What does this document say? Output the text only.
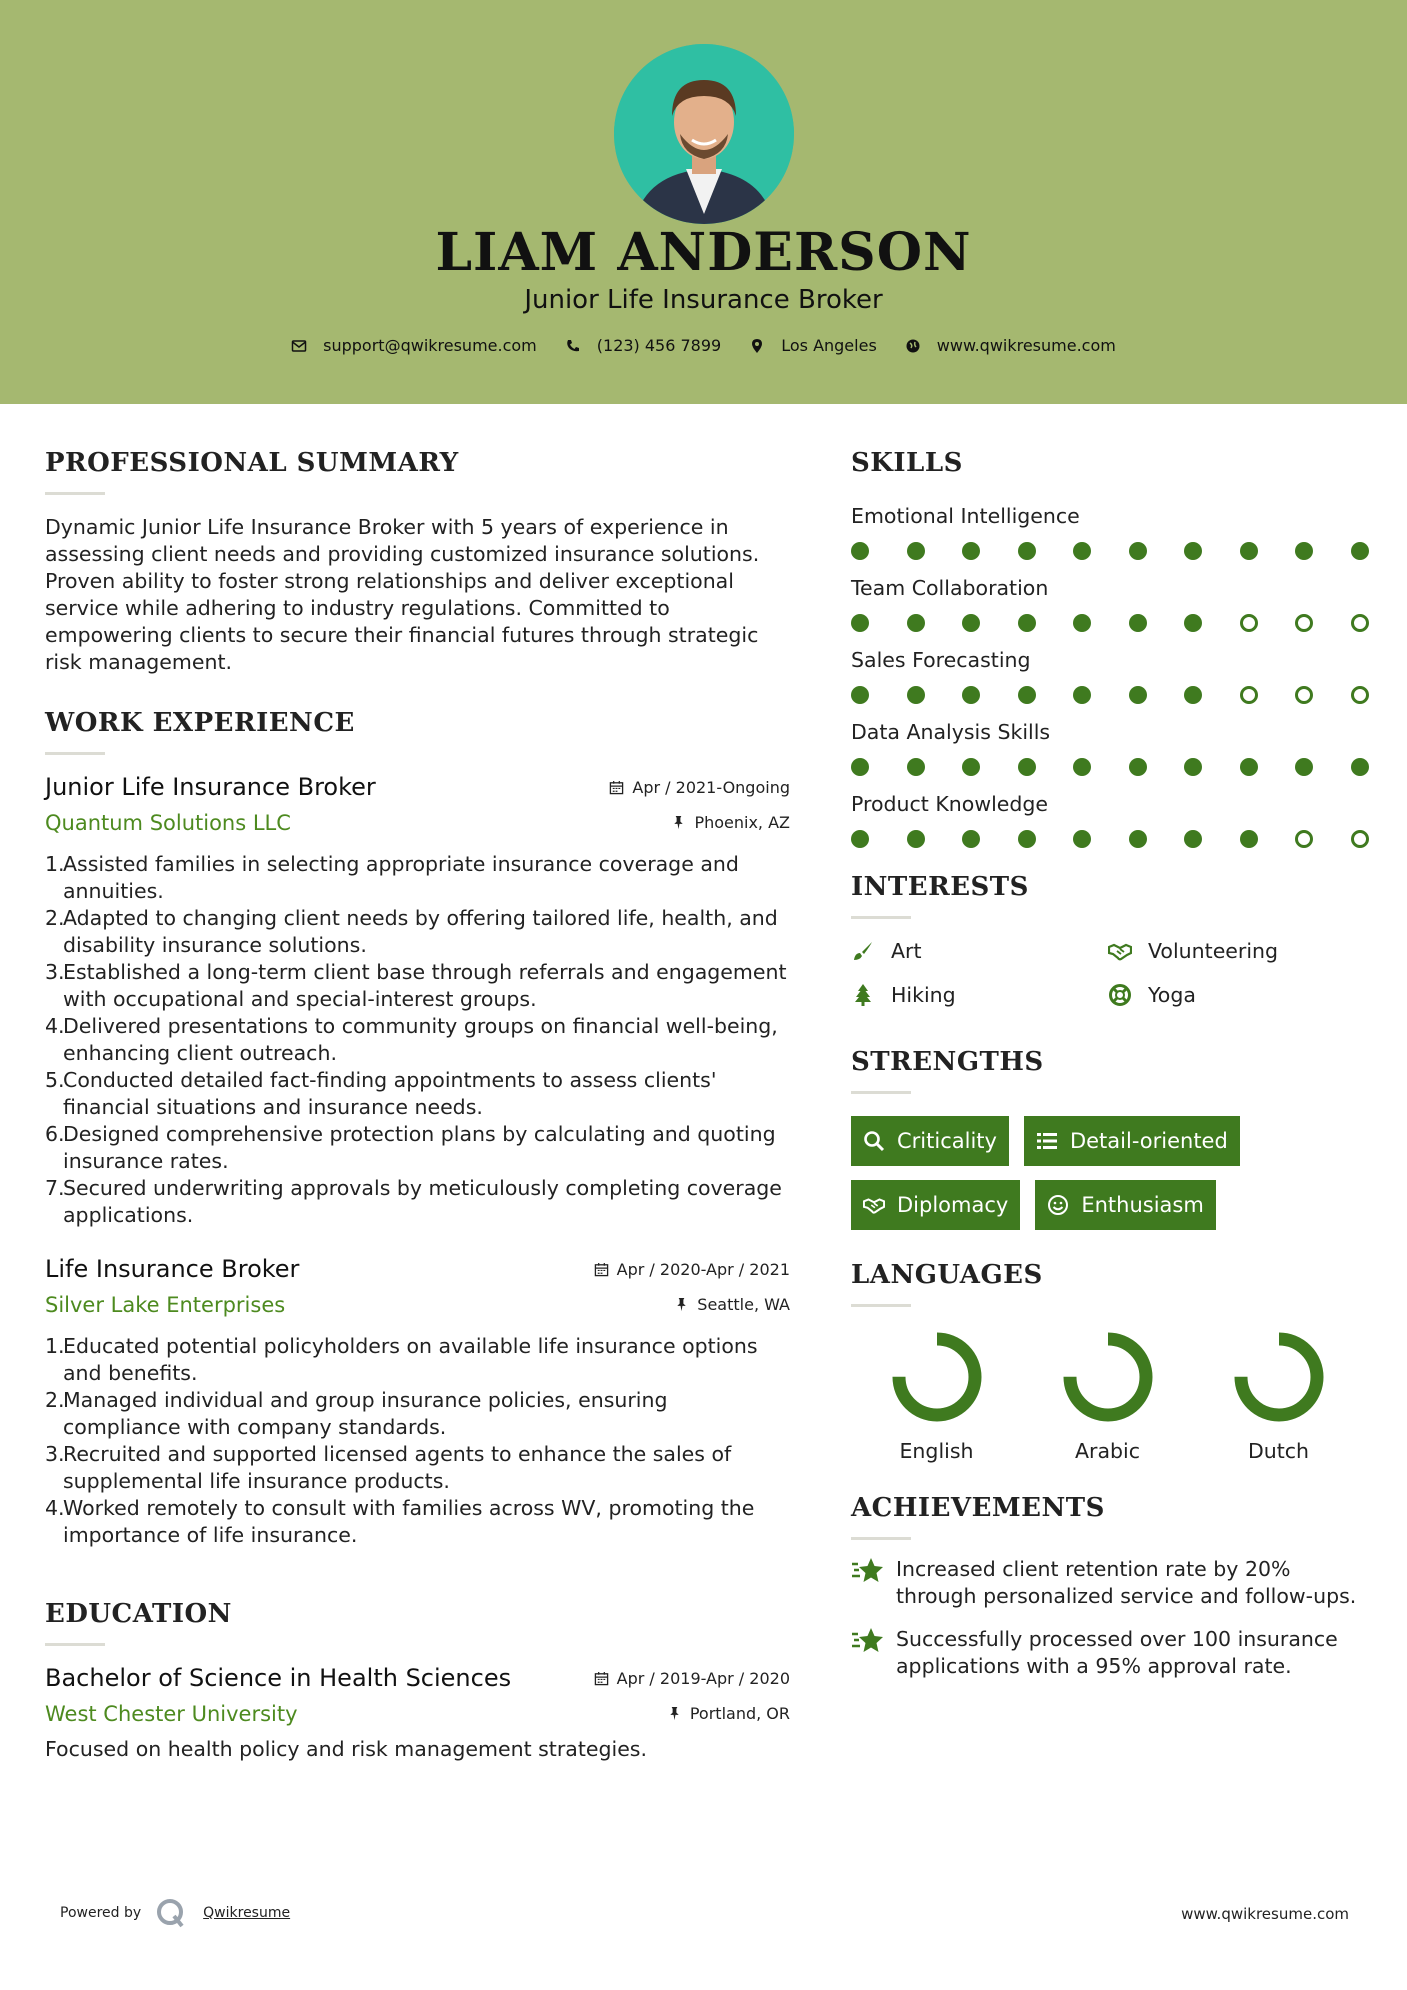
LIAM ANDERSON
Junior Life Insurance Broker
support@qwikresume.com	(123) 456 7899	Los Angeles	www.qwikresume.com
PROFESSIONAL SUMMARY
Dynamic Junior Life Insurance Broker with 5 years of experience in assessing client needs and providing customized insurance solutions. Proven ability to foster strong relationships and deliver exceptional service while adhering to industry regulations. Committed to empowering clients to secure their financial futures through strategic risk management.
WORK EXPERIENCE
Junior Life Insurance Broker	Apr / 2021-Ongoing
Quantum Solutions LLC	Phoenix, AZ
1.
Assisted families in selecting appropriate insurance coverage and annuities.
2.
Adapted to changing client needs by offering tailored life, health, and disability insurance solutions.
3.
Established a long-term client base through referrals and engagement with occupational and special-interest groups.
4.
Delivered presentations to community groups on financial well-being, enhancing client outreach.
5.
Conducted detailed fact-finding appointments to assess clients' financial situations and insurance needs.
6.
Designed comprehensive protection plans by calculating and quoting insurance rates.
7.
Secured underwriting approvals by meticulously completing coverage applications.
Life Insurance Broker	Apr / 2020-Apr / 2021
Silver Lake Enterprises	Seattle, WA
1.
Educated potential policyholders on available life insurance options and benefits.
2.
Managed individual and group insurance policies, ensuring compliance with company standards.
3.
Recruited and supported licensed agents to enhance the sales of supplemental life insurance products.
4.
Worked remotely to consult with families across WV, promoting the importance of life insurance.
EDUCATION
Bachelor of Science in Health Sciences	Apr / 2019-Apr / 2020
West Chester University	Portland, OR
Focused on health policy and risk management strategies.
SKILLS
Emotional Intelligence
Team Collaboration
Sales Forecasting
Data Analysis Skills
Product Knowledge
INTERESTS
Art	Volunteering
Hiking	Yoga
STRENGTHS
Criticality	Detail-oriented
Diplomacy	Enthusiasm
LANGUAGES
English	Arabic	Dutch
ACHIEVEMENTS
Increased client retention rate by 20% through personalized service and follow-ups.
Successfully processed over 100 insurance applications with a 95% approval rate.
Powered by	Qwikresume	www.qwikresume.com
